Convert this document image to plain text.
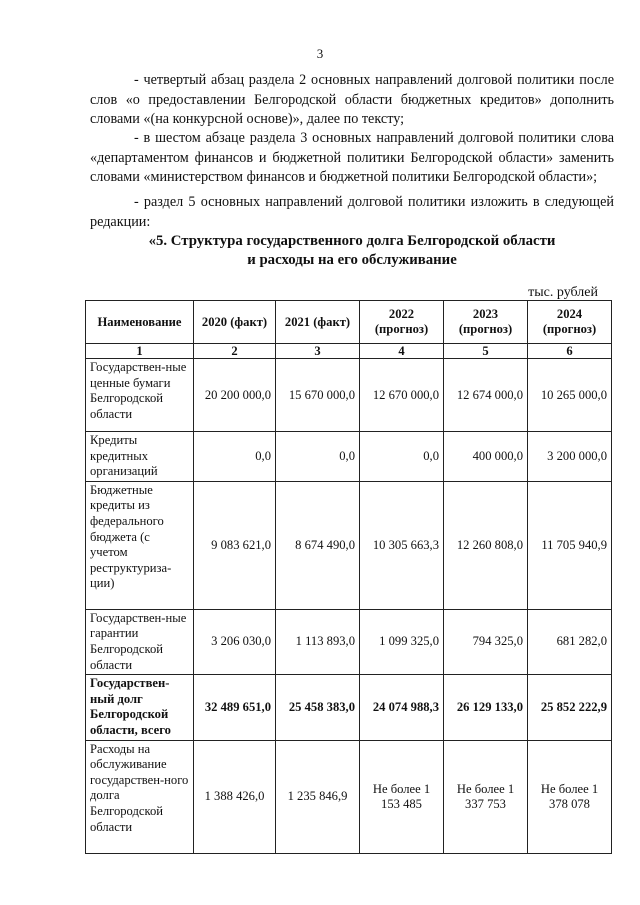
3
- четвертый абзац раздела 2 основных направлений долговой политики после слов «о предоставлении Белгородской области бюджетных кредитов» дополнить словами «(на конкурсной основе)», далее по тексту;
- в шестом абзаце раздела 3 основных направлений долговой политики слова «департаментом финансов и бюджетной политики Белгородской области» заменить словами «министерством финансов и бюджетной политики Белгородской области»;
- раздел 5 основных направлений долговой политики изложить в следующей редакции:
«5. Структура государственного долга Белгородской области
и расходы на его обслуживание
тыс. рублей
Наименование	2020 (факт)	2021 (факт)	2022 (прогноз)	2023 (прогноз)	2024 (прогноз)
1	2	3	4	5	6
Государствен-ные ценные бумаги Белгородской области	20 200 000,0	15 670 000,0	12 670 000,0	12 674 000,0	10 265 000,0
Кредиты кредитных организаций	0,0	0,0	0,0	400 000,0	3 200 000,0
Бюджетные кредиты из федерального бюджета (с учетом реструктуриза-ции)	9 083 621,0	8 674 490,0	10 305 663,3	12 260 808,0	11 705 940,9
Государствен-ные гарантии Белгородской области	3 206 030,0	1 113 893,0	1 099 325,0	794 325,0	681 282,0
Государствен-ный долг Белгородской области, всего	32 489 651,0	25 458 383,0	24 074 988,3	26 129 133,0	25 852 222,9
Расходы на обслуживание государствен-ного долга Белгородской области	1 388 426,0	1 235 846,9	Не более 1 153 485	Не более 1 337 753	Не более 1 378 078
